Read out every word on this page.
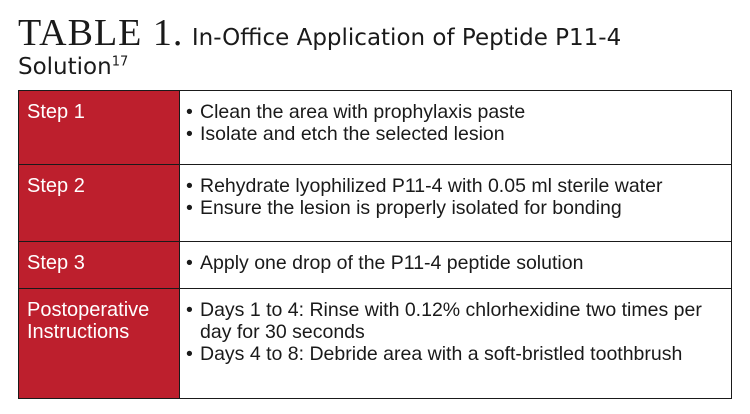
TABLE 1. In-Office Application of Peptide P11-4
Solution$^{17}$
Step 1	• Clean the area with prophylaxis paste
• Isolate and etch the selected lesion

Step 2	• Rehydrate lyophilized P11-4 with 0.05 ml sterile water
• Ensure the lesion is properly isolated for bonding

Step 3	• Apply one drop of the P11-4 peptide solution

Postoperative Instructions	• Days 1 to 4: Rinse with 0.12% chlorhexidine two times per day for 30 seconds
• Days 4 to 8: Debride area with a soft-bristled toothbrush
